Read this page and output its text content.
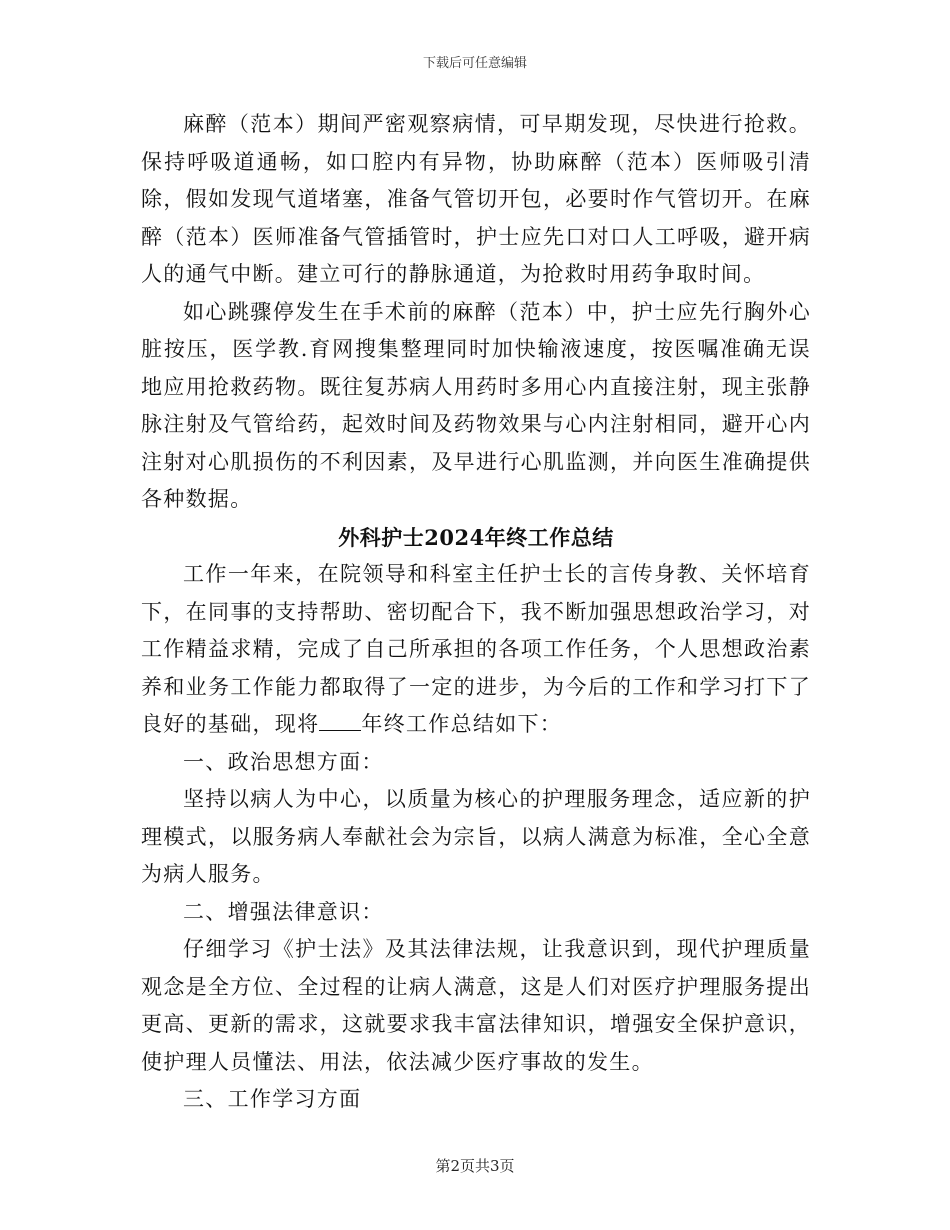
下载后可任意编辑

麻醉（范本）期间严密观察病情，可早期发现，尽快进行抢救。保持呼吸道通畅，如口腔内有异物，协助麻醉（范本）医师吸引清除，假如发现气道堵塞，准备气管切开包，必要时作气管切开。在麻醉（范本）医师准备气管插管时，护士应先口对口人工呼吸，避开病人的通气中断。建立可行的静脉通道，为抢救时用药争取时间。

如心跳骤停发生在手术前的麻醉（范本）中，护士应先行胸外心脏按压，医学教.育网搜集整理同时加快输液速度，按医嘱准确无误地应用抢救药物。既往复苏病人用药时多用心内直接注射，现主张静脉注射及气管给药，起效时间及药物效果与心内注射相同，避开心内注射对心肌损伤的不利因素，及早进行心肌监测，并向医生准确提供各种数据。

外科护士2024年终工作总结

工作一年来，在院领导和科室主任护士长的言传身教、关怀培育下，在同事的支持帮助、密切配合下，我不断加强思想政治学习，对工作精益求精，完成了自己所承担的各项工作任务，个人思想政治素养和业务工作能力都取得了一定的进步，为今后的工作和学习打下了良好的基础，现将 年终工作总结如下：

一、政治思想方面：

坚持以病人为中心，以质量为核心的护理服务理念，适应新的护理模式，以服务病人奉献社会为宗旨，以病人满意为标准，全心全意为病人服务。

二、增强法律意识：

仔细学习《护士法》及其法律法规，让我意识到，现代护理质量观念是全方位、全过程的让病人满意，这是人们对医疗护理服务提出更高、更新的需求，这就要求我丰富法律知识，增强安全保护意识，使护理人员懂法、用法，依法减少医疗事故的发生。

三、工作学习方面

第2页共3页
